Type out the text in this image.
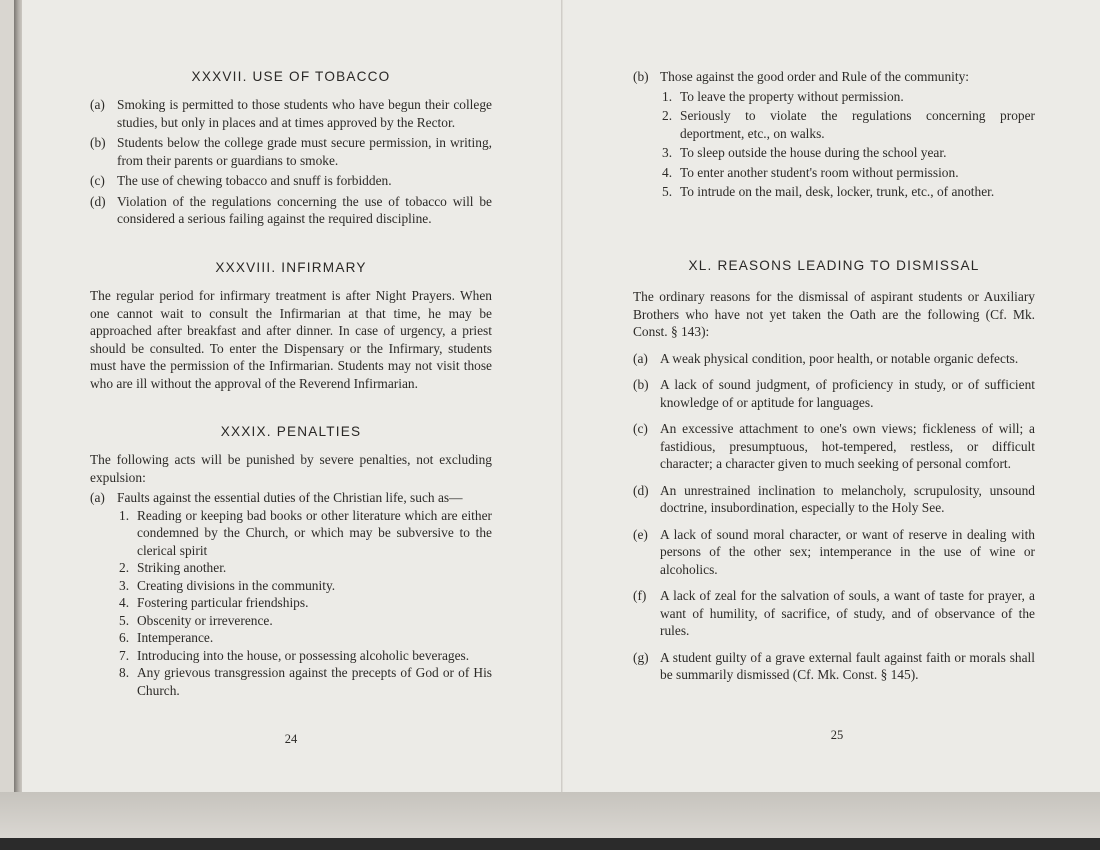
XXXVII. USE OF TOBACCO
(a) Smoking is permitted to those students who have begun their college studies, but only in places and at times approved by the Rector.
(b) Students below the college grade must secure permission, in writing, from their parents or guardians to smoke.
(c) The use of chewing tobacco and snuff is forbidden.
(d) Violation of the regulations concerning the use of tobacco will be considered a serious failing against the required discipline.
XXXVIII. INFIRMARY

The regular period for infirmary treatment is after Night Prayers. When one cannot wait to consult the Infirmarian at that time, he may be approached after breakfast and after dinner. In case of urgency, a priest should be consulted. To enter the Dispensary or the Infirmary, students must have the permission of the Infirmarian. Students may not visit those who are ill without the approval of the Reverend Infirmarian.

XXXIX. PENALTIES

The following acts will be punished by severe penalties, not excluding expulsion:

(a) Faults against the essential duties of the Christian life, such as—
1. Reading or keeping bad books or other literature which are either condemned by the Church, or which may be subversive to the clerical spirit
2. Striking another.
3. Creating divisions in the community.
4. Fostering particular friendships.
5. Obscenity or irreverence.
6. Intemperance.
7. Introducing into the house, or possessing alcoholic beverages.
8. Any grievous transgression against the precepts of God or of His Church.
24
(b) Those against the good order and Rule of the community:
1. To leave the property without permission.
2. Seriously to violate the regulations concerning proper deportment, etc., on walks.
3. To sleep outside the house during the school year.
4. To enter another student's room without permission.
5. To intrude on the mail, desk, locker, trunk, etc., of another.
XL. REASONS LEADING TO DISMISSAL

The ordinary reasons for the dismissal of aspirant students or Auxiliary Brothers who have not yet taken the Oath are the following (Cf. Mk. Const. § 143):

(a) A weak physical condition, poor health, or notable organic defects.
(b) A lack of sound judgment, of proficiency in study, or of sufficient knowledge of or aptitude for languages.
(c) An excessive attachment to one's own views; fickleness of will; a fastidious, presumptuous, hot-tempered, restless, or difficult character; a character given to much seeking of personal comfort.
(d) An unrestrained inclination to melancholy, scrupulosity, unsound doctrine, insubordination, especially to the Holy See.
(e) A lack of sound moral character, or want of reserve in dealing with persons of the other sex; intemperance in the use of wine or alcoholics.
(f) A lack of zeal for the salvation of souls, a want of taste for prayer, a want of humility, of sacrifice, of study, and of observance of the rules.
(g) A student guilty of a grave external fault against faith or morals shall be summarily dismissed (Cf. Mk. Const. § 145).
25
